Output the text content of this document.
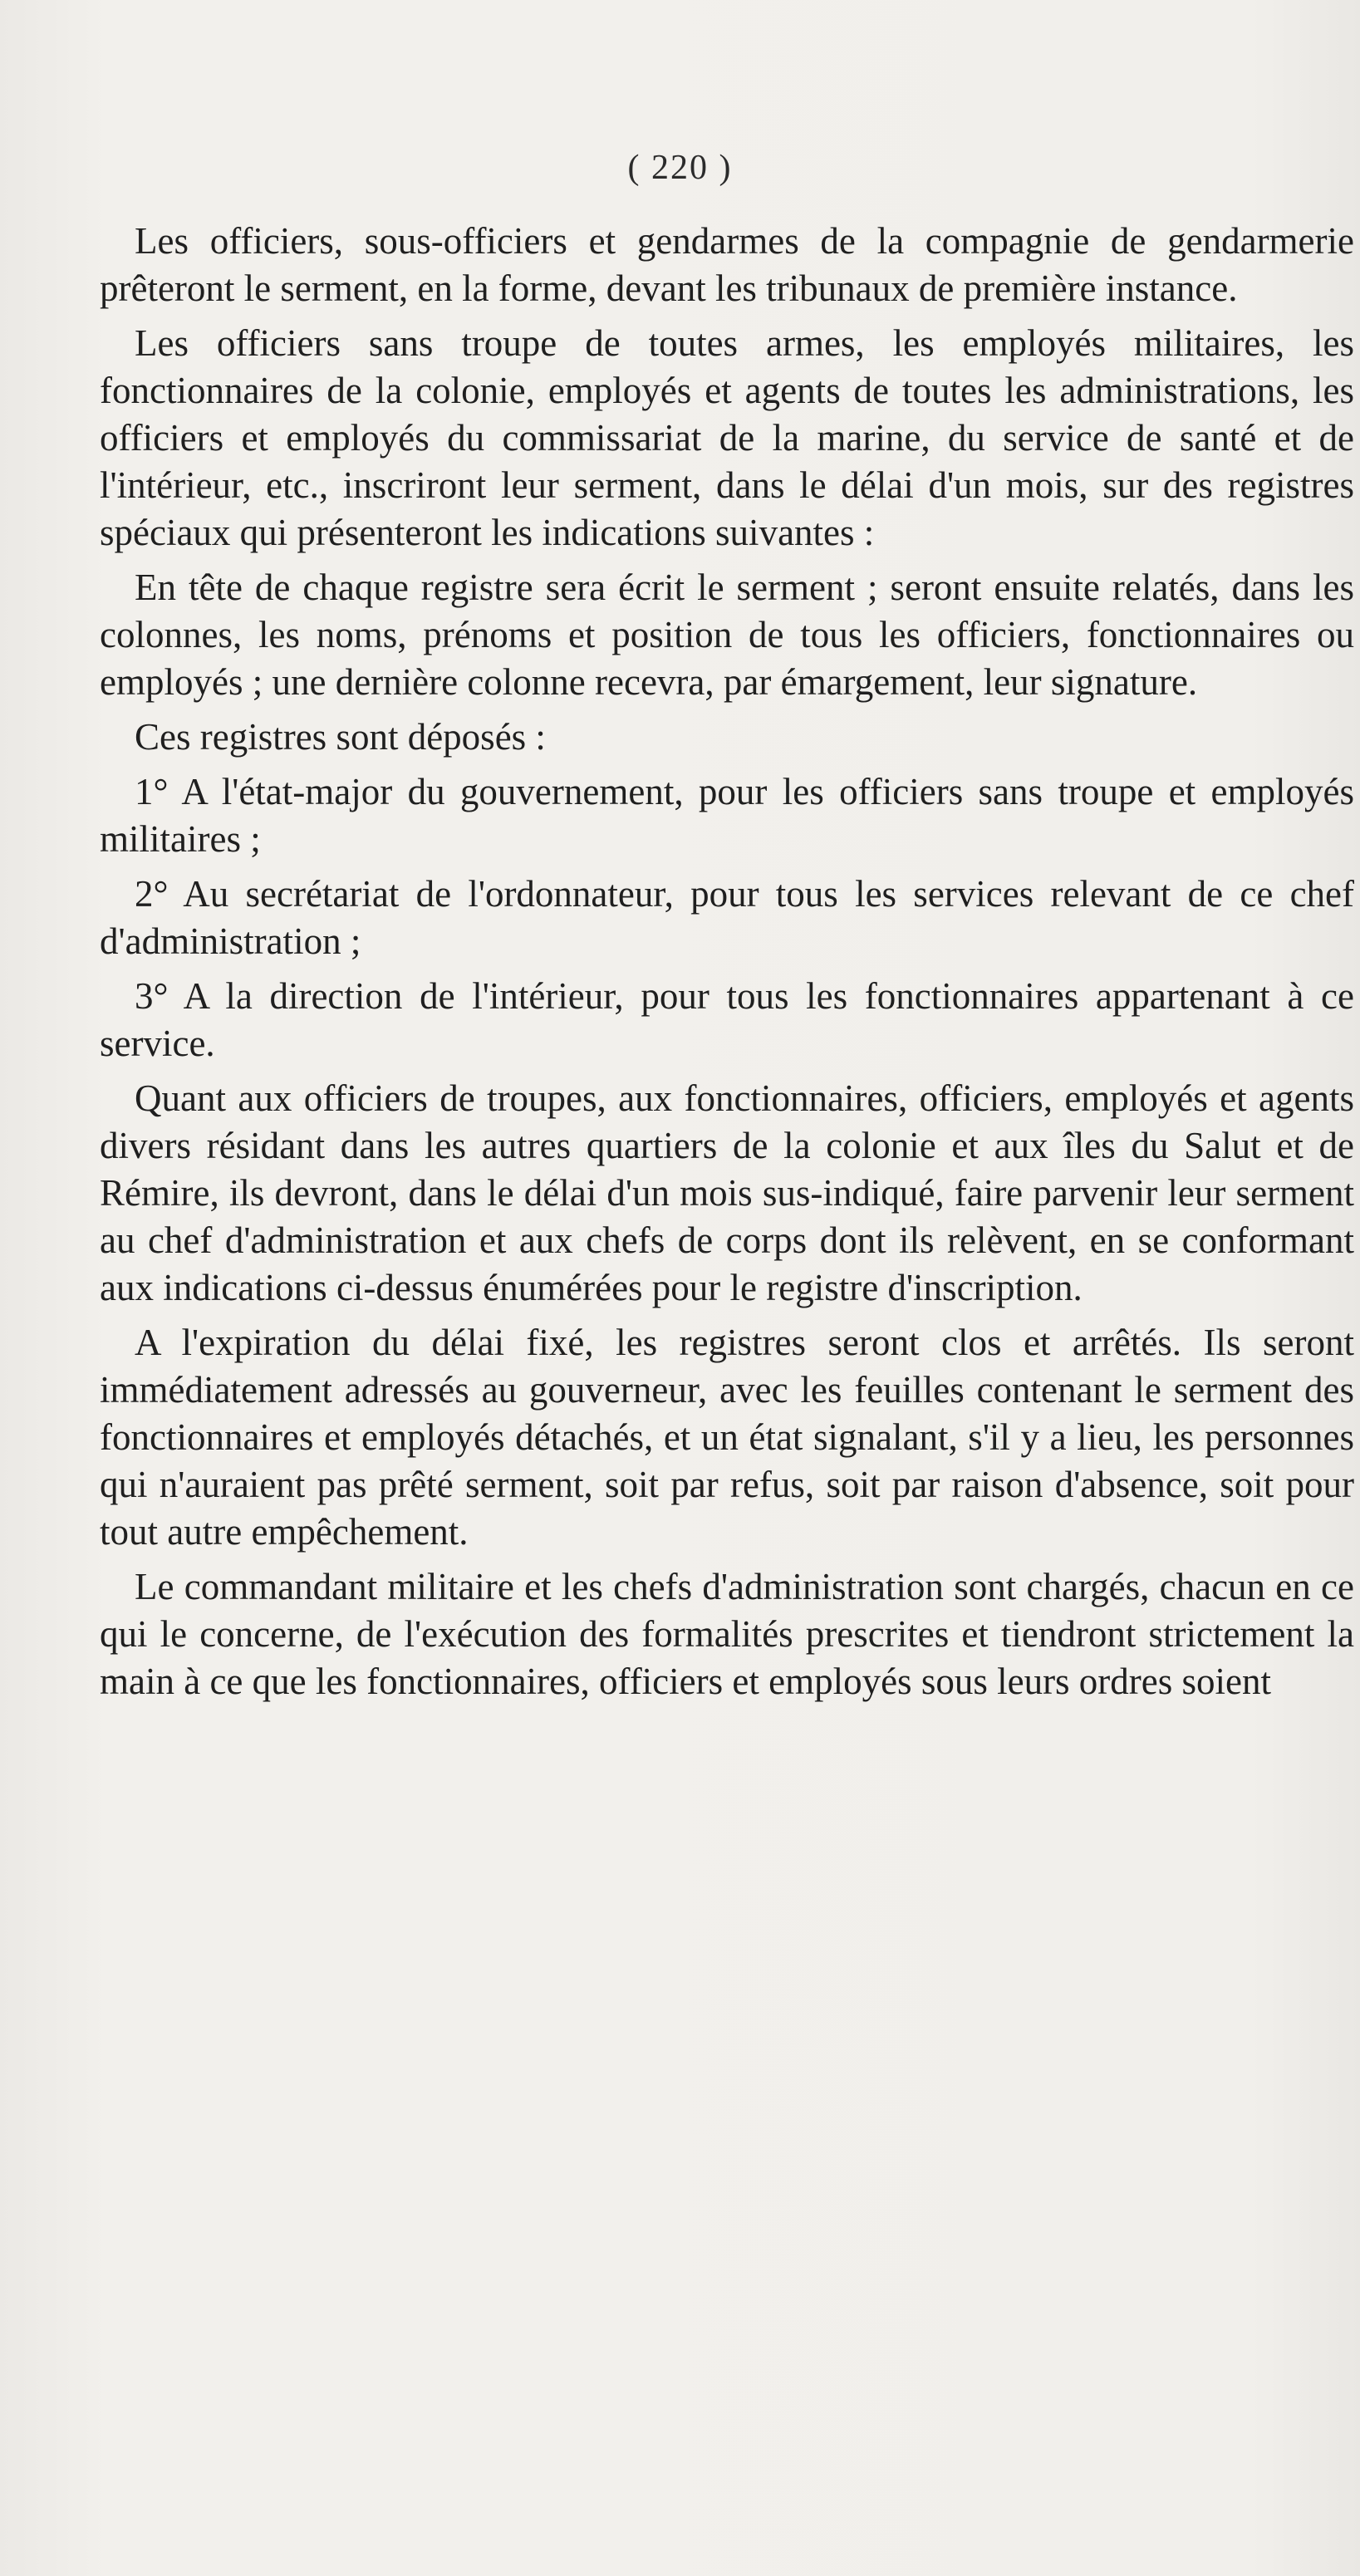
( 220 )

Les officiers, sous-officiers et gendarmes de la compagnie de gendarmerie prêteront le serment, en la forme, devant les tribunaux de première instance.

Les officiers sans troupe de toutes armes, les employés militaires, les fonctionnaires de la colonie, employés et agents de toutes les administrations, les officiers et employés du commissariat de la marine, du service de santé et de l'intérieur, etc., inscriront leur serment, dans le délai d'un mois, sur des registres spéciaux qui présenteront les indications suivantes :

En tête de chaque registre sera écrit le serment ; seront ensuite relatés, dans les colonnes, les noms, prénoms et position de tous les officiers, fonctionnaires ou employés ; une dernière colonne recevra, par émargement, leur signature.

Ces registres sont déposés :

1° A l'état-major du gouvernement, pour les officiers sans troupe et employés militaires ;

2° Au secrétariat de l'ordonnateur, pour tous les services relevant de ce chef d'administration ;

3° A la direction de l'intérieur, pour tous les fonctionnaires appartenant à ce service.

Quant aux officiers de troupes, aux fonctionnaires, officiers, employés et agents divers résidant dans les autres quartiers de la colonie et aux îles du Salut et de Rémire, ils devront, dans le délai d'un mois sus-indiqué, faire parvenir leur serment au chef d'administration et aux chefs de corps dont ils relèvent, en se conformant aux indications ci-dessus énumérées pour le registre d'inscription.

A l'expiration du délai fixé, les registres seront clos et arrêtés. Ils seront immédiatement adressés au gouverneur, avec les feuilles contenant le serment des fonctionnaires et employés détachés, et un état signalant, s'il y a lieu, les personnes qui n'auraient pas prêté serment, soit par refus, soit par raison d'absence, soit pour tout autre empêchement.

Le commandant militaire et les chefs d'administration sont chargés, chacun en ce qui le concerne, de l'exécution des formalités prescrites et tiendront strictement la main à ce que les fonctionnaires, officiers et employés sous leurs ordres soient
